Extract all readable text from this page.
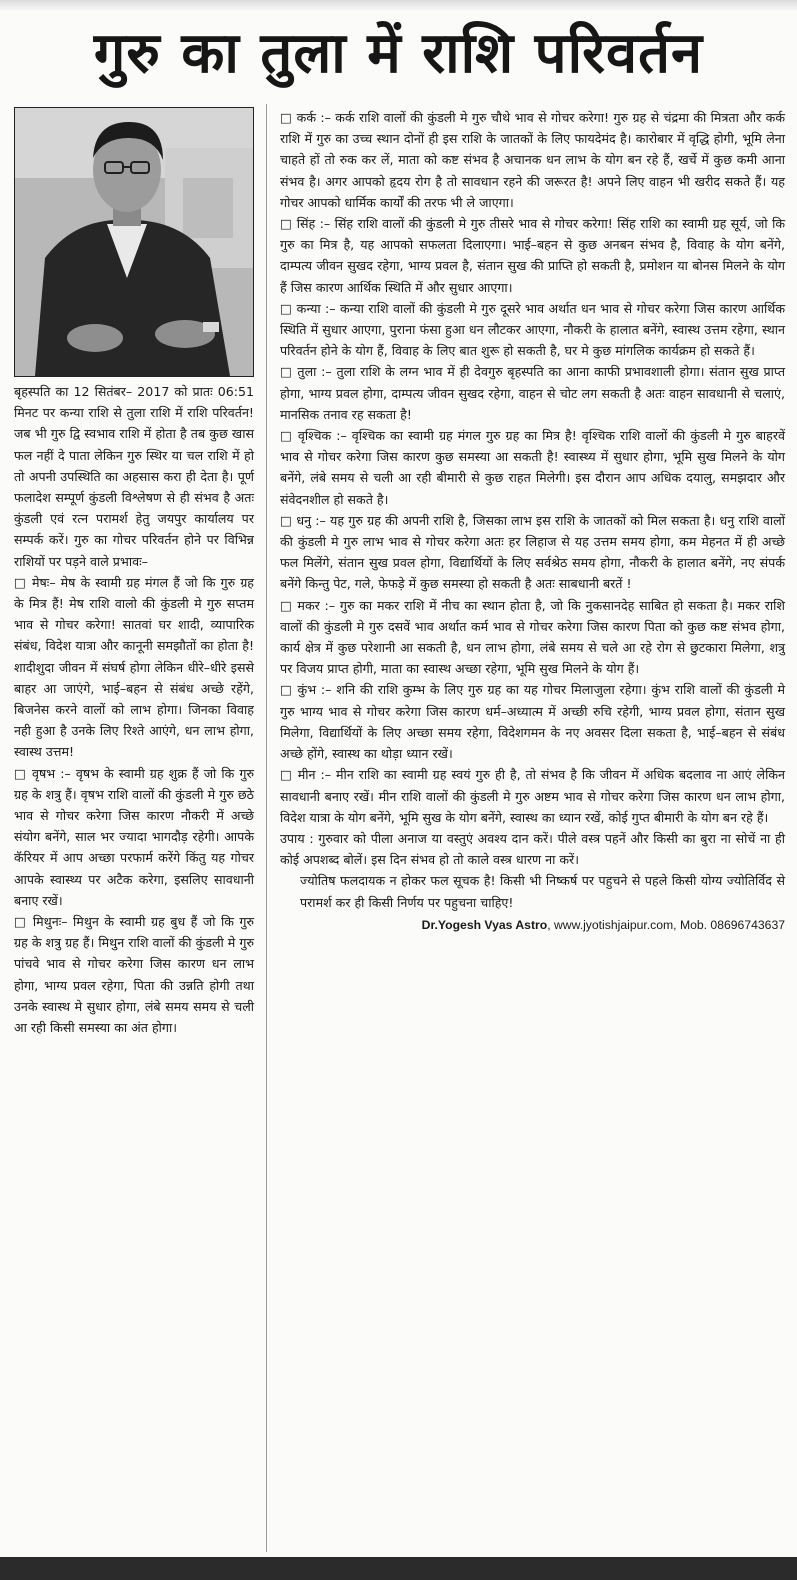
गुरु का तुला में राशि परिवर्तन

बृहस्पति का 12 सितंबर– 2017 को प्रातः 06:51 मिनट पर कन्या राशि से तुला राशि में राशि परिवर्तन! जब भी गुरु द्वि स्वभाव राशि में होता है तब कुछ खास फल नहीं दे पाता लेकिन गुरु स्थिर या चल राशि में हो तो अपनी उपस्थिति का अहसास करा ही देता है। पूर्ण फलादेश सम्पूर्ण कुंडली विश्लेषण से ही संभव है अतः कुंडली एवं रत्न परामर्श हेतु जयपुर कार्यालय पर सम्पर्क करें। गुरु का गोचर परिवर्तन होने पर विभिन्न राशियों पर पड़ने वाले प्रभावः–

□ मेषः– मेष के स्वामी ग्रह मंगल हैं जो कि गुरु ग्रह के मित्र हैं! मेष राशि वालो की कुंडली मे गुरु सप्तम भाव से गोचर करेगा! सातवां घर शादी, व्यापारिक संबंध, विदेश यात्रा और कानूनी समझौतों का होता है! शादीशुदा जीवन में संघर्ष होगा लेकिन धीरे–धीरे इससे बाहर आ जाएंगे, भाई–बहन से संबंध अच्छे रहेंगे, बिजनेस करने वालों को लाभ होगा। जिनका विवाह नही हुआ है उनके लिए रिश्ते आएंगे, धन लाभ होगा, स्वास्थ उत्तम!

□ वृषभ :– वृषभ के स्वामी ग्रह शुक्र हैं जो कि गुरु ग्रह के शत्रु हैं। वृषभ राशि वालों की कुंडली मे गुरु छठे भाव से गोचर करेगा जिस कारण नौकरी में अच्छे संयोग बनेंगे, साल भर ज्यादा भागदौड़ रहेगी। आपके कॅरियर में आप अच्छा परफार्म करेंगे किंतु यह गोचर आपके स्वास्थ्य पर अटैक करेगा, इसलिए सावधानी बनाए रखें।

□ मिथुनः– मिथुन के स्वामी ग्रह बुध हैं जो कि गुरु ग्रह के शत्रु ग्रह हैं। मिथुन राशि वालों की कुंडली मे गुरु पांचवे भाव से गोचर करेगा जिस कारण धन लाभ होगा, भाग्य प्रवल रहेगा, पिता की उन्नति होगी तथा उनके स्वास्थ मे सुधार होगा, लंबे समय समय से चली आ रही किसी समस्या का अंत होगा।

□ कर्क :– कर्क राशि वालों की कुंडली मे गुरु चौथे भाव से गोचर करेगा! गुरु ग्रह से चंद्रमा की मित्रता और कर्क राशि में गुरु का उच्च स्थान दोनों ही इस राशि के जातकों के लिए फायदेमंद है। कारोबार में वृद्धि होगी, भूमि लेना चाहते हों तो रुक कर लें, माता को कष्ट संभव है अचानक धन लाभ के योग बन रहे हैं, खर्चे में कुछ कमी आना संभव है। अगर आपको हृदय रोग है तो सावधान रहने की जरूरत है! अपने लिए वाहन भी खरीद सकते हैं। यह गोचर आपको धार्मिक कार्यों की तरफ भी ले जाएगा।

□ सिंह :– सिंह राशि वालों की कुंडली मे गुरु तीसरे भाव से गोचर करेगा! सिंह राशि का स्वामी ग्रह सूर्य, जो कि गुरु का मित्र है, यह आपको सफलता दिलाएगा। भाई–बहन से कुछ अनबन संभव है, विवाह के योग बनेंगे, दाम्पत्य जीवन सुखद रहेगा, भाग्य प्रवल है, संतान सुख की प्राप्ति हो सकती है, प्रमोशन या बोनस मिलने के योग हैं जिस कारण आर्थिक स्थिति में और सुधार आएगा।

□ कन्या :– कन्या राशि वालों की कुंडली मे गुरु दूसरे भाव अर्थात धन भाव से गोचर करेगा जिस कारण आर्थिक स्थिति में सुधार आएगा, पुराना फंसा हुआ धन लौटकर आएगा, नौकरी के हालात बनेंगे, स्वास्थ उत्तम रहेगा, स्थान परिवर्तन होने के योग हैं, विवाह के लिए बात शुरू हो सकती है, घर मे कुछ मांगलिक कार्यक्रम हो सकते हैं।

□ तुला :– तुला राशि के लग्न भाव में ही देवगुरु बृहस्पति का आना काफी प्रभावशाली होगा। संतान सुख प्राप्त होगा, भाग्य प्रवल होगा, दाम्पत्य जीवन सुखद रहेगा, वाहन से चोट लग सकती है अतः वाहन सावधानी से चलाएं, मानसिक तनाव रह सकता है!

□ वृश्चिक :– वृश्चिक का स्वामी ग्रह मंगल गुरु ग्रह का मित्र है! वृश्चिक राशि वालों की कुंडली मे गुरु बाहरवें भाव से गोचर करेगा जिस कारण कुछ समस्या आ सकती है! स्वास्थ्य में सुधार होगा, भूमि सुख मिलने के योग बनेंगे, लंबे समय से चली आ रही बीमारी से कुछ राहत मिलेगी। इस दौरान आप अधिक दयालु, समझदार और संवेदनशील हो सकते है।

□ धनु :– यह गुरु ग्रह की अपनी राशि है, जिसका लाभ इस राशि के जातकों को मिल सकता है। धनु राशि वालों की कुंडली मे गुरु लाभ भाव से गोचर करेगा अतः हर लिहाज से यह उत्तम समय होगा, कम मेहनत में ही अच्छे फल मिलेंगे, संतान सुख प्रवल होगा, विद्यार्थियों के लिए सर्वश्रेठ समय होगा, नौकरी के हालात बनेंगे, नए संपर्क बनेंगे किन्तु पेट, गले, फेफड़े में कुछ समस्या हो सकती है अतः साबधानी बरतें !

□ मकर :– गुरु का मकर राशि में नीच का स्थान होता है, जो कि नुकसानदेह साबित हो सकता है। मकर राशि वालों की कुंडली मे गुरु दसवें भाव अर्थात कर्म भाव से गोचर करेगा जिस कारण पिता को कुछ कष्ट संभव होगा, कार्य क्षेत्र में कुछ परेशानी आ सकती है, धन लाभ होगा, लंबे समय से चले आ रहे रोग से छुटकारा मिलेगा, शत्रु पर विजय प्राप्त होगी, माता का स्वास्थ अच्छा रहेगा, भूमि सुख मिलने के योग हैं।

□ कुंभ :– शनि की राशि कुम्भ के लिए गुरु ग्रह का यह गोचर मिलाजुला रहेगा। कुंभ राशि वालों की कुंडली मे गुरु भाग्य भाव से गोचर करेगा जिस कारण धर्म–अध्यात्म में अच्छी रुचि रहेगी, भाग्य प्रवल होगा, संतान सुख मिलेगा, विद्यार्थियों के लिए अच्छा समय रहेगा, विदेशगमन के नए अवसर दिला सकता है, भाई–बहन से संबंध अच्छे होंगे, स्वास्थ का थोड़ा ध्यान रखें।

□ मीन :– मीन राशि का स्वामी ग्रह स्वयं गुरु ही है, तो संभव है कि जीवन में अधिक बदलाव ना आएं लेकिन सावधानी बनाए रखें। मीन राशि वालों की कुंडली मे गुरु अष्टम भाव से गोचर करेगा जिस कारण धन लाभ होगा, विदेश यात्रा के योग बनेंगे, भूमि सुख के योग बनेंगे, स्वास्थ का ध्यान रखें, कोई गुप्त बीमारी के योग बन रहे हैं।

उपाय : गुरुवार को पीला अनाज या वस्तुएं अवश्य दान करें। पीले वस्त्र पहनें और किसी का बुरा ना सोचें ना ही कोई अपशब्द बोलें। इस दिन संभव हो तो काले वस्त्र धारण ना करें।

ज्योतिष फलदायक न होकर फल सूचक है! किसी भी निष्कर्ष पर पहुचने से पहले किसी योग्य ज्योतिर्विद से परामर्श कर ही किसी निर्णय पर पहुचना चाहिए!

Dr.Yogesh Vyas Astro, www.jyotishjaipur.com, Mob. 08696743637
